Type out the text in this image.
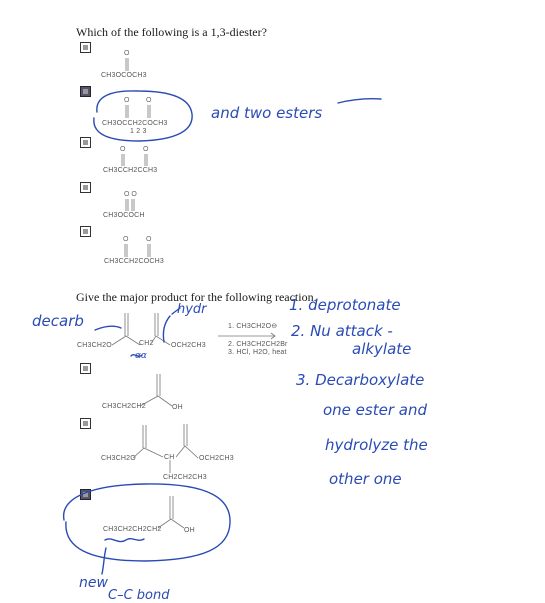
Which of the following is a 1,3-diester?
O
CH3OCOCH3
O O
CH3OCCH2COCH3
1 2 3
O	O
CH3CCH2CCH3
O O
CH3OCOCH
O	O
CH3CCH2COCH3
and two esters
Give the major product for the following reaction.
CH3CH2O	CH2 OCH2CH3
1. CH3CH2O⊖
2. CH3CH2CH2Br
3. HCl, H2O, heat
CH3CH2CH2	OH
CH3CH2O	CH	OCH2CH3
CH2CH2CH3
CH3CH2CH2CH2	OH
decarb
hydr
αα
1. deprotonate
2. Nu attack -
alkylate
3. Decarboxylate
one ester and
hydrolyze the
other one
new
C–C bond
